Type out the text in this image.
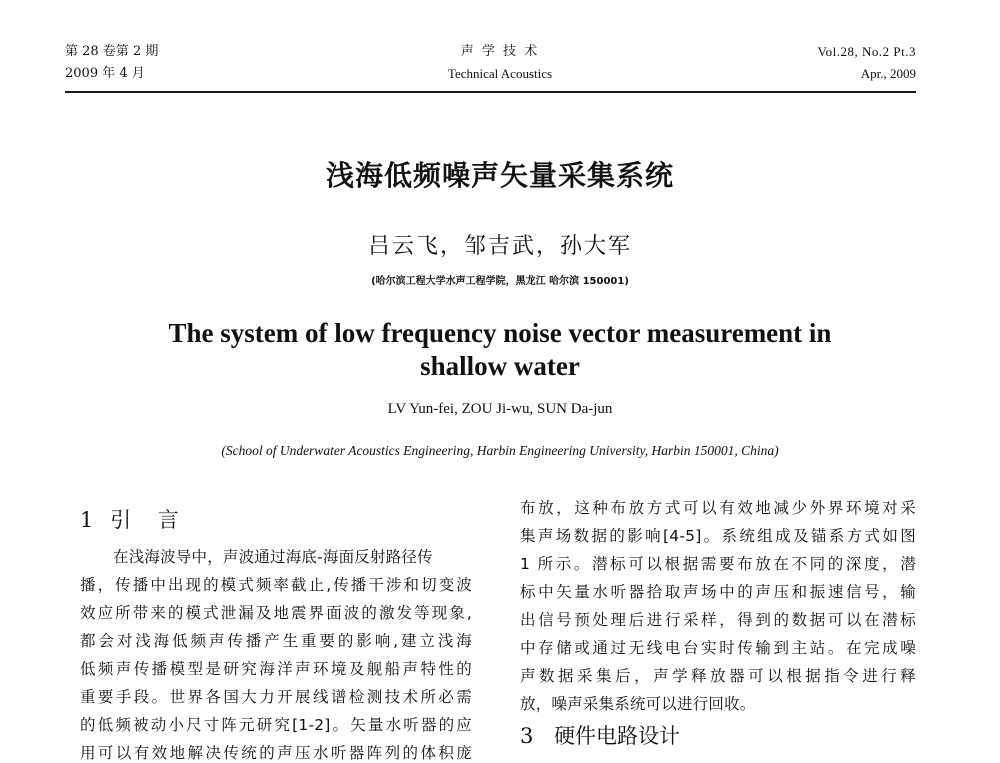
第 28 卷第 2 期
2009 年 4 月
声 学 技 术
Technical Acoustics
Vol.28, No.2 Pt.3
Apr., 2009
浅海低频噪声矢量采集系统
吕云飞，邹吉武，孙大军
(哈尔滨工程大学水声工程学院，黑龙江 哈尔滨 150001)
The system of low frequency noise vector measurement in
shallow water
LV Yun-fei, ZOU Ji-wu, SUN Da-jun
(School of Underwater Acoustics Engineering, Harbin Engineering University, Harbin 150001, China)
1 引    言
在浅海波导中，声波通过海底-海面反射路径传
播，传播中出现的模式频率截止,传播干涉和切变波
效应所带来的模式泄漏及地震界面波的激发等现象,
都会对浅海低频声传播产生重要的影响,建立浅海
低频声传播模型是研究海洋声环境及舰船声特性的
重要手段。世界各国大力开展线谱检测技术所必需
的低频被动小尺寸阵元研究[1-2]。矢量水听器的应
用可以有效地解决传统的声压水听器阵列的体积庞
布放，这种布放方式可以有效地减少外界环境对采
集声场数据的影响[4-5]。系统组成及锚系方式如图
1 所示。潜标可以根据需要布放在不同的深度，潜
标中矢量水听器拾取声场中的声压和振速信号，输
出信号预处理后进行采样，得到的数据可以在潜标
中存储或通过无线电台实时传输到主站。在完成噪
声数据采集后，声学释放器可以根据指令进行释
放，噪声采集系统可以进行回收。
3 硬件电路设计
